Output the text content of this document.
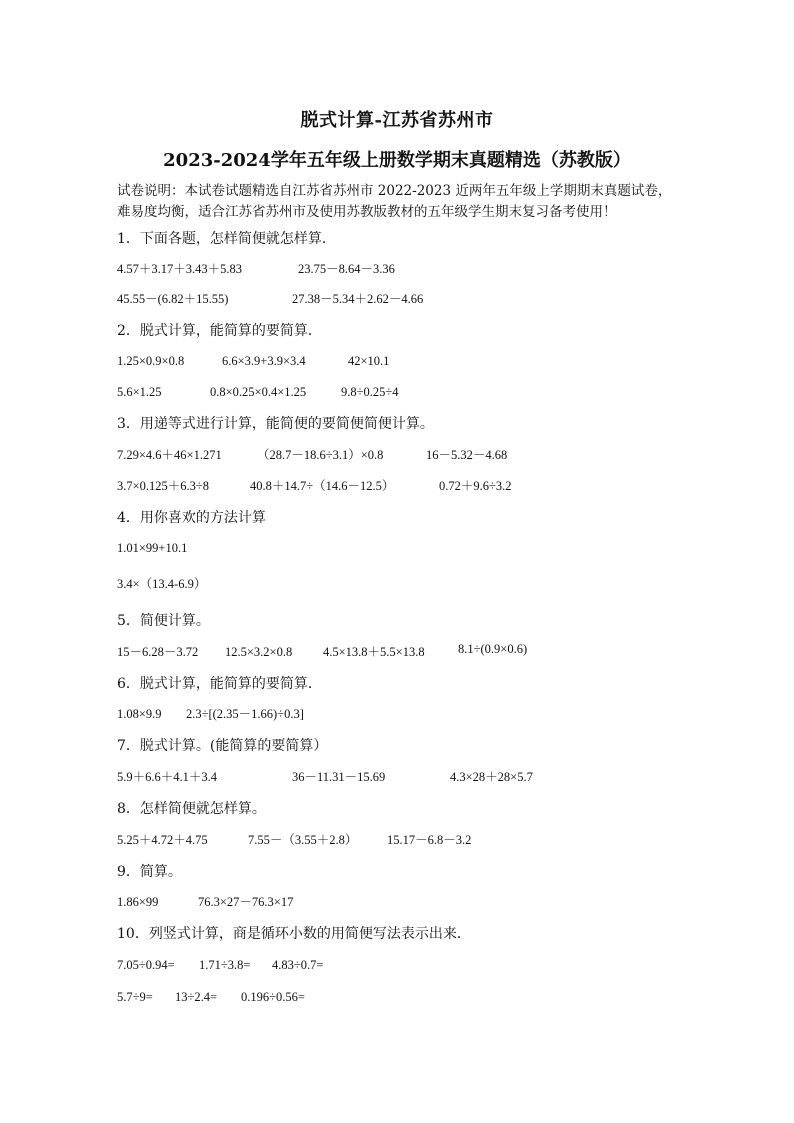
脱式计算-江苏省苏州市
2023-2024学年五年级上册数学期末真题精选（苏教版）
试卷说明：本试卷试题精选自江苏省苏州市 2022-2023 近两年五年级上学期期末真题试卷，难易度均衡，适合江苏省苏州市及使用苏教版教材的五年级学生期末复习备考使用！
1．下面各题，怎样简便就怎样算．
4.57＋3.17＋3.43＋5.83	23.75－8.64－3.36
45.55－(6.82＋15.55)	27.38－5.34＋2.62－4.66
2．脱式计算，能简算的要简算．
1.25×0.9×0.8	6.6×3.9+3.9×3.4	42×10.1
5.6×1.25	0.8×0.25×0.4×1.25	9.8÷0.25÷4
3．用递等式进行计算，能简便的要简便简便计算。
7.29×4.6＋46×1.271	（28.7－18.6÷3.1）×0.8	16－5.32－4.68
3.7×0.125＋6.3÷8	40.8＋14.7÷（14.6－12.5）	0.72＋9.6÷3.2
4．用你喜欢的方法计算
1.01×99+10.1
3.4×（13.4-6.9）
5．简便计算。
15－6.28－3.72 12.5×3.2×0.8 4.5×13.8＋5.5×13.8	8.1÷(0.9×0.6)
6．脱式计算，能简算的要简算．
1.08×9.9 2.3÷[(2.35－1.66)÷0.3]
7．脱式计算。(能简算的要简算）
5.9＋6.6＋4.1＋3.4	36－11.31－15.69	4.3×28＋28×5.7
8．怎样简便就怎样算。
5.25＋4.72＋4.75	7.55－（3.55＋2.8） 15.17－6.8－3.2
9．简算。
1.86×99	76.3×27－76.3×17
10．列竖式计算，商是循环小数的用简便写法表示出来．
7.05÷0.94= 1.71÷3.8= 4.83÷0.7=
5.7÷9= 13÷2.4= 0.196÷0.56=
